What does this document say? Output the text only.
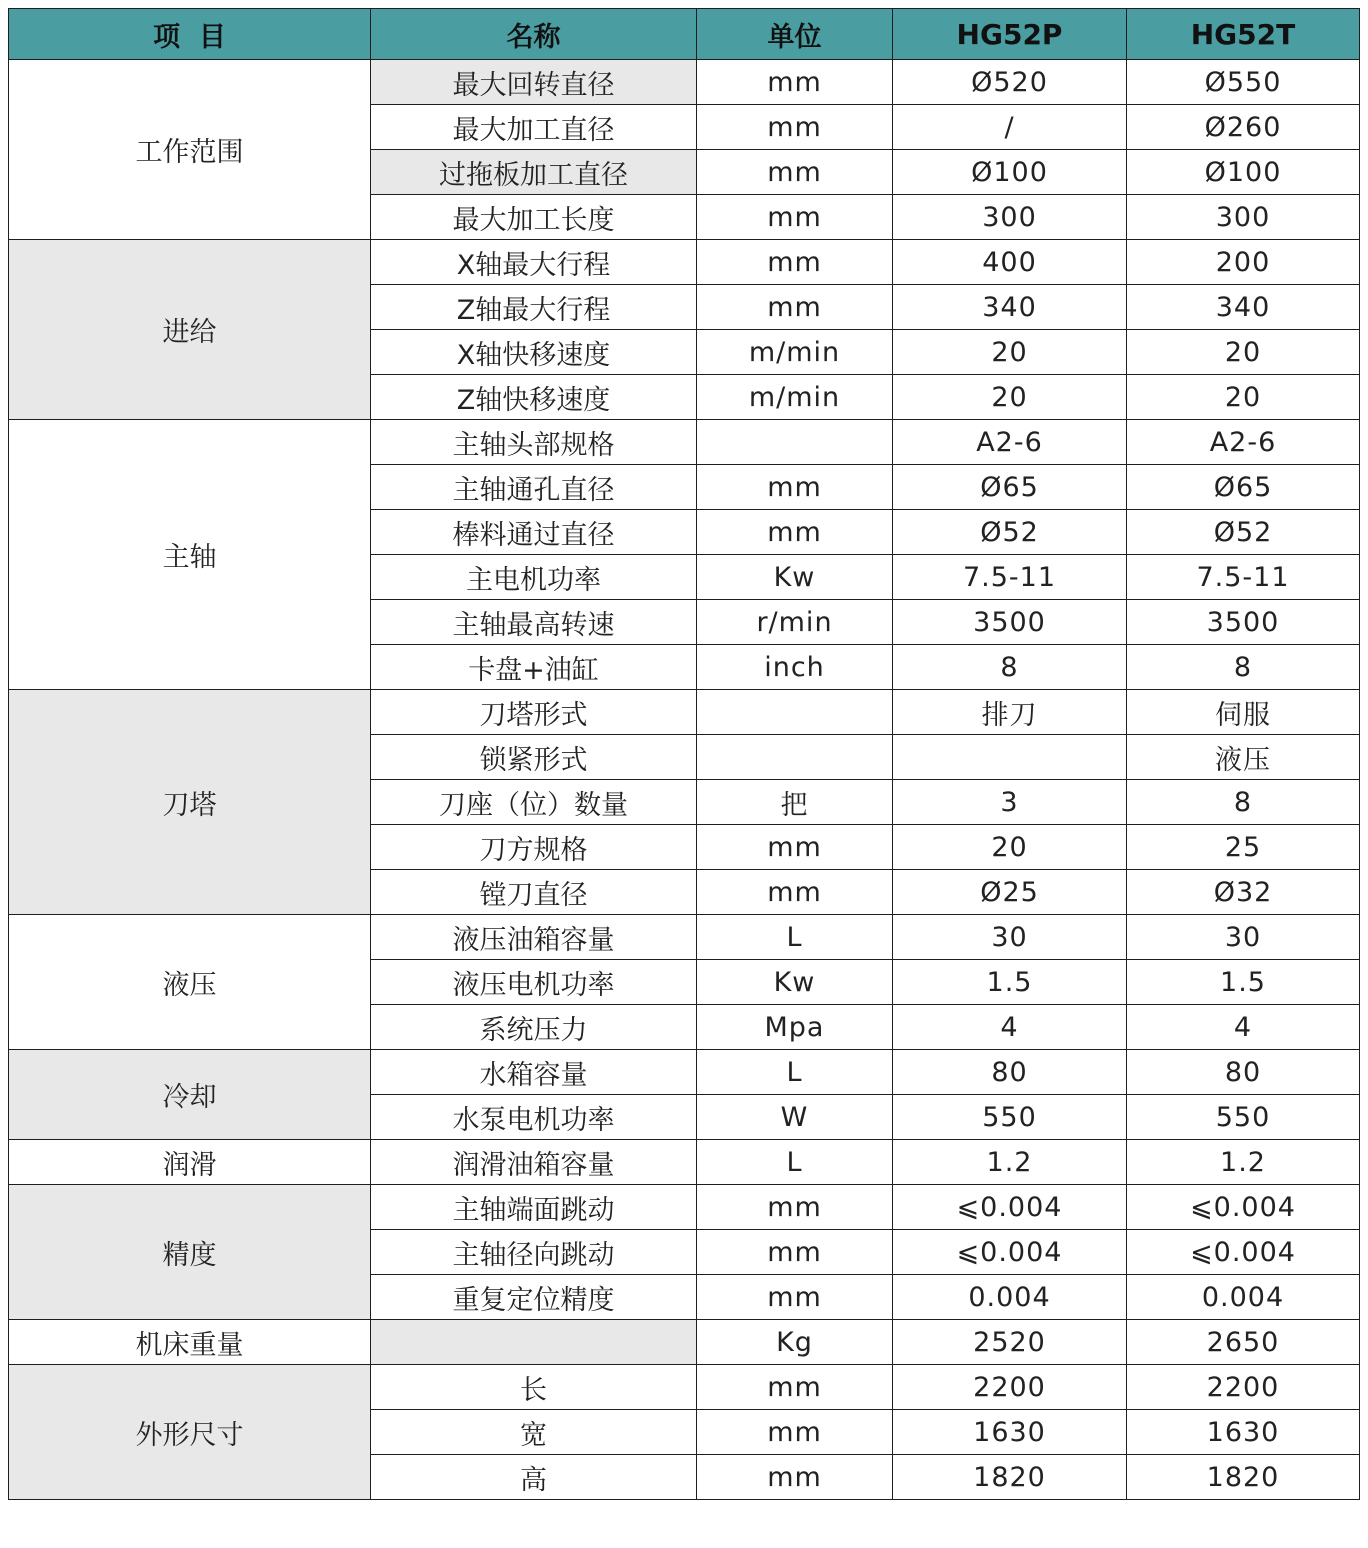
项  目	名称	单位	HG52P	HG52T
工作范围	最大回转直径	mm	Ø520	Ø550
	最大加工直径	mm	/	Ø260
	过拖板加工直径	mm	Ø100	Ø100
	最大加工长度	mm	300	300
进给	X轴最大行程	mm	400	200
	Z轴最大行程	mm	340	340
	X轴快移速度	m/min	20	20
	Z轴快移速度	m/min	20	20
主轴	主轴头部规格		A2-6	A2-6
	主轴通孔直径	mm	Ø65	Ø65
	棒料通过直径	mm	Ø52	Ø52
	主电机功率	Kw	7.5-11	7.5-11
	主轴最高转速	r/min	3500	3500
	卡盘+油缸	inch	8	8
刀塔	刀塔形式		排刀	伺服
	锁紧形式			液压
	刀座（位）数量	把	3	8
	刀方规格	mm	20	25
	镗刀直径	mm	Ø25	Ø32
液压	液压油箱容量	L	30	30
	液压电机功率	Kw	1.5	1.5
	系统压力	Mpa	4	4
冷却	水箱容量	L	80	80
	水泵电机功率	W	550	550
润滑	润滑油箱容量	L	1.2	1.2
精度	主轴端面跳动	mm	⩽0.004	⩽0.004
	主轴径向跳动	mm	⩽0.004	⩽0.004
	重复定位精度	mm	0.004	0.004
机床重量		Kg	2520	2650
外形尺寸	长	mm	2200	2200
	宽	mm	1630	1630
	高	mm	1820	1820
